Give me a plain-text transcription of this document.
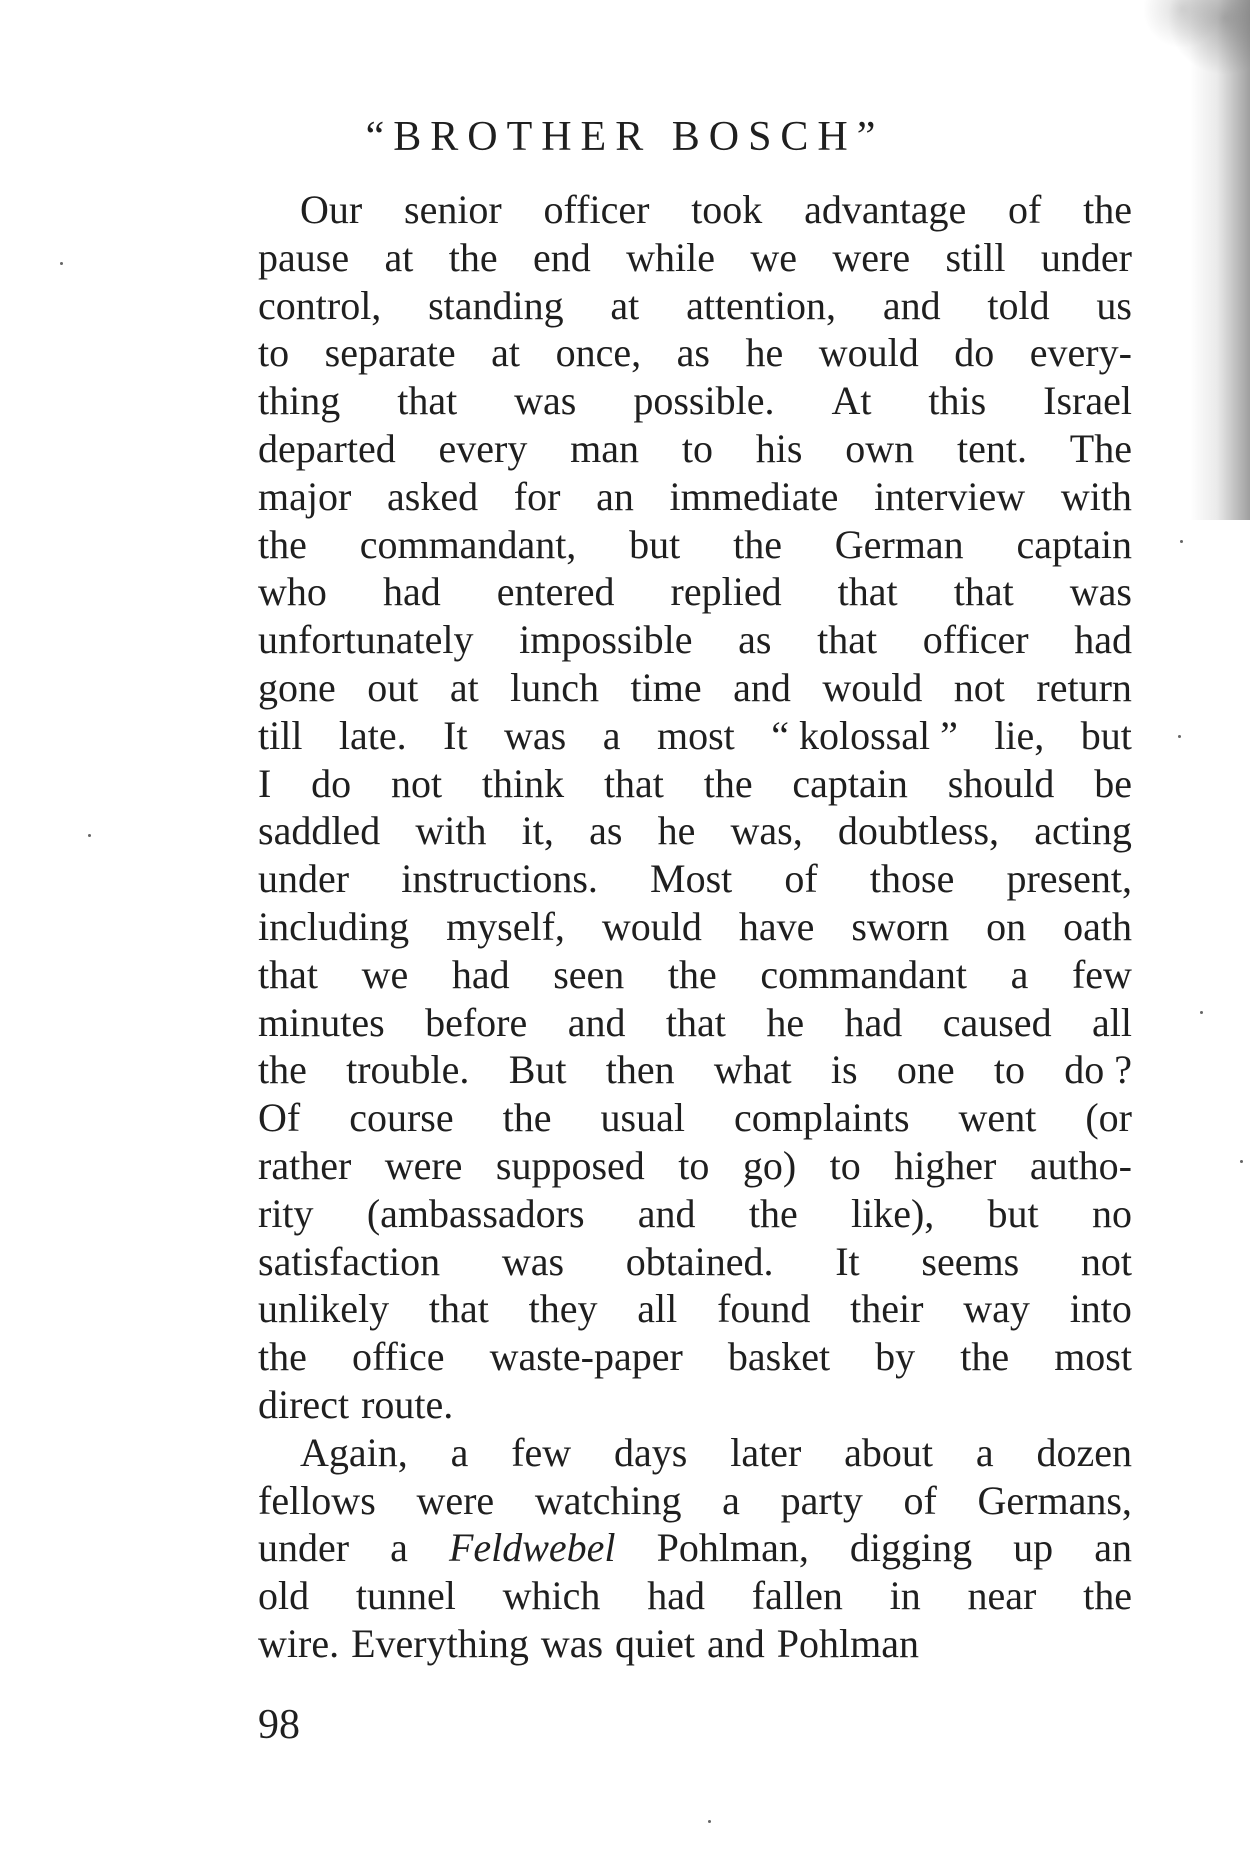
“BROTHER BOSCH”
Our senior officer took advantage of the
pause at the end while we were still under
control, standing at attention, and told us
to separate at once, as he would do every-
thing that was possible. At this Israel
departed every man to his own tent. The
major asked for an immediate interview with
the commandant, but the German captain
who had entered replied that that was
unfortunately impossible as that officer had
gone out at lunch time and would not return
till late. It was a most “ kolossal ” lie, but
I do not think that the captain should be
saddled with it, as he was, doubtless, acting
under instructions. Most of those present,
including myself, would have sworn on oath
that we had seen the commandant a few
minutes before and that he had caused all
the trouble. But then what is one to do ?
Of course the usual complaints went (or
rather were supposed to go) to higher autho-
rity (ambassadors and the like), but no
satisfaction was obtained. It seems not
unlikely that they all found their way into
the office waste-paper basket by the most
direct route.
Again, a few days later about a dozen
fellows were watching a party of Germans,
under a Feldwebel Pohlman, digging up an
old tunnel which had fallen in near the
wire. Everything was quiet and Pohlman
98
